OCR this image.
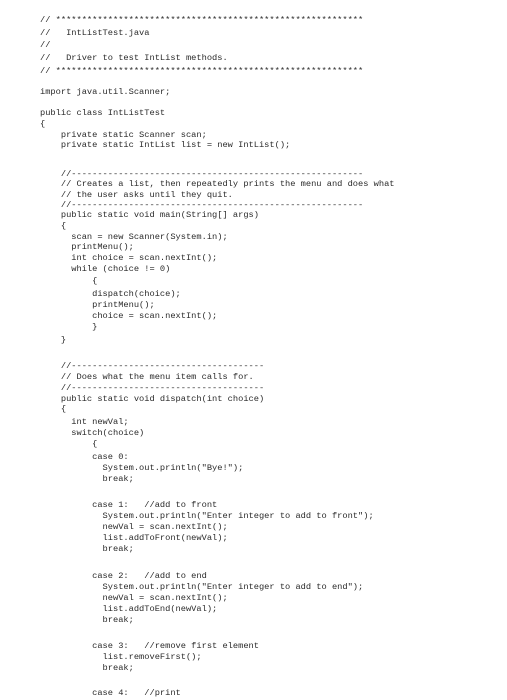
// ***********************************************************
//   IntListTest.java
//
//   Driver to test IntList methods.
// ***********************************************************
import java.util.Scanner;
public class IntListTest
{
private static Scanner scan;
private static IntList list = new IntList();
//--------------------------------------------------------
// Creates a list, then repeatedly prints the menu and does what
// the user asks until they quit.
//--------------------------------------------------------
public static void main(String[] args)
{
scan = new Scanner(System.in);
printMenu();
int choice = scan.nextInt();
while (choice != 0)
{
dispatch(choice);
printMenu();
choice = scan.nextInt();
}
}
//-------------------------------------
// Does what the menu item calls for.
//-------------------------------------
public static void dispatch(int choice)
{
int newVal;
switch(choice)
{
case 0:
System.out.println("Bye!");
break;
case 1:   //add to front
System.out.println("Enter integer to add to front");
newVal = scan.nextInt();
list.addToFront(newVal);
break;
case 2:   //add to end
System.out.println("Enter integer to add to end");
newVal = scan.nextInt();
list.addToEnd(newVal);
break;
case 3:   //remove first element
list.removeFirst();
break;
case 4:   //print
